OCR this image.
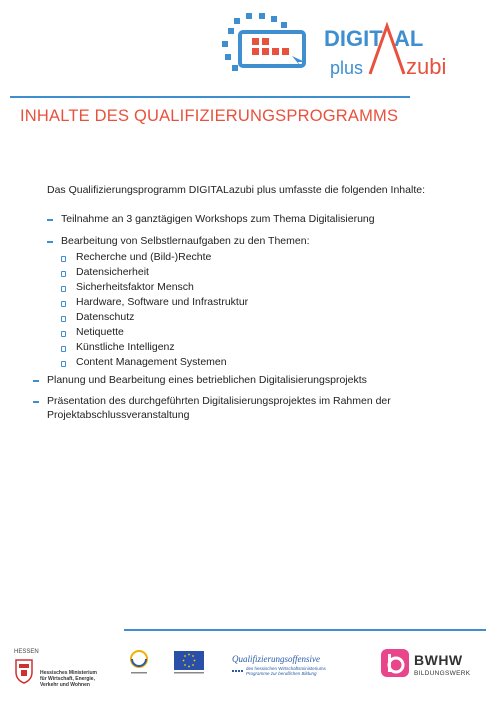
DIGIT AL
plus zubi
INHALTE DES QUALIFIZIERUNGSPROGRAMMS
Das Qualifizierungsprogramm DIGITALazubi plus umfasste die folgenden Inhalte:
Teilnahme an 3 ganztägigen Workshops zum Thema Digitalisierung
Bearbeitung von Selbstlernaufgaben zu den Themen:
Recherche und (Bild-)Rechte
Datensicherheit
Sicherheitsfaktor Mensch
Hardware, Software und Infrastruktur
Datenschutz
Netiquette
Künstliche Intelligenz
Content Management Systemen
Planung und Bearbeitung eines betrieblichen Digitalisierungsprojekts
Präsentation des durchgeführten Digitalisierungsprojektes im Rahmen der
Projektabschlussveranstaltung
HESSEN
Hessisches Ministerium
für Wirtschaft, Energie,
Verkehr und Wohnen
Qualifizierungsoffensive
des hessischen Wirtschaftsministeriums
Programme zur beruflichen Bildung
BWHW
BILDUNGSWERK
